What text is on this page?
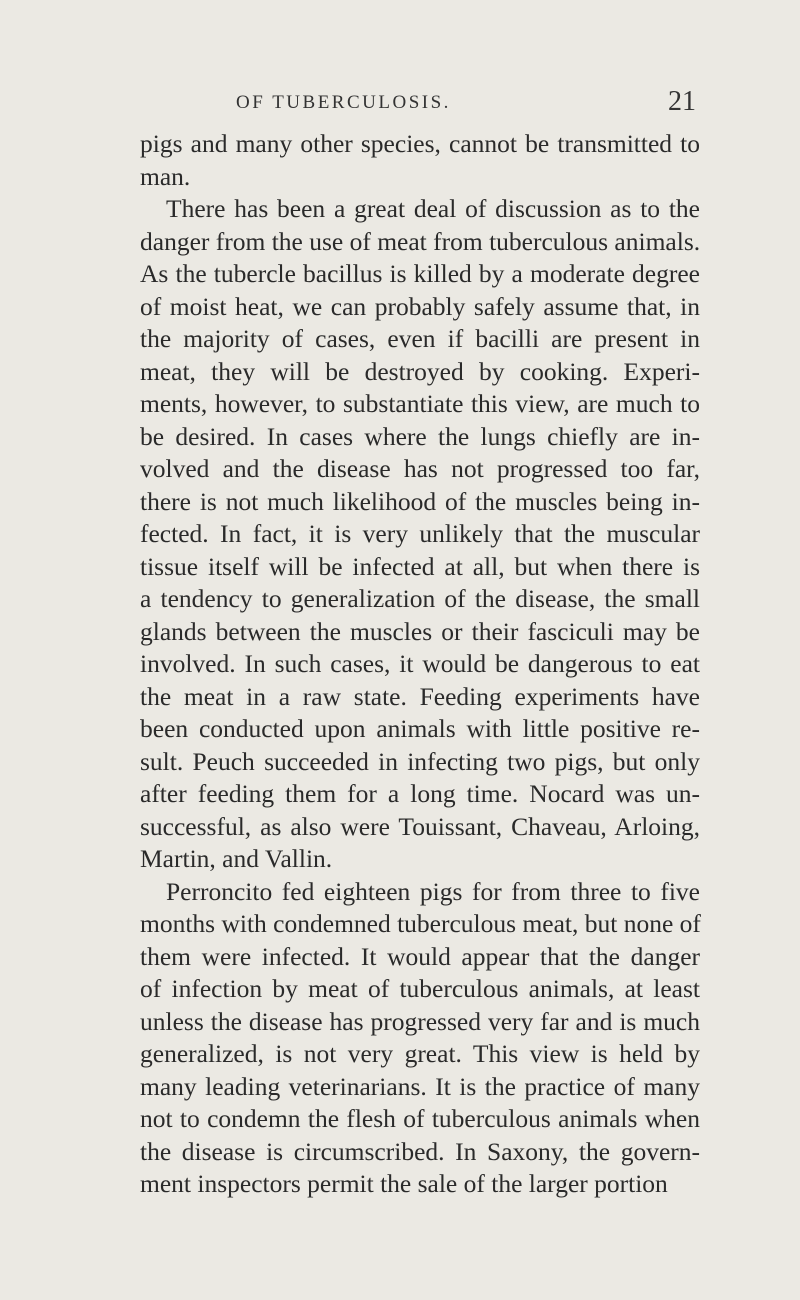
OF TUBERCULOSIS.	21
pigs and many other species, cannot be transmitted to
man.
There has been a great deal of discussion as to the
danger from the use of meat from tuberculous animals.
As the tubercle bacillus is killed by a moderate degree
of moist heat, we can probably safely assume that, in
the majority of cases, even if bacilli are present in
meat, they will be destroyed by cooking. Experi-
ments, however, to substantiate this view, are much to
be desired. In cases where the lungs chiefly are in-
volved and the disease has not progressed too far,
there is not much likelihood of the muscles being in-
fected. In fact, it is very unlikely that the muscular
tissue itself will be infected at all, but when there is
a tendency to generalization of the disease, the small
glands between the muscles or their fasciculi may be
involved. In such cases, it would be dangerous to eat
the meat in a raw state. Feeding experiments have
been conducted upon animals with little positive re-
sult. Peuch succeeded in infecting two pigs, but only
after feeding them for a long time. Nocard was un-
successful, as also were Touissant, Chaveau, Arloing,
Martin, and Vallin.
Perroncito fed eighteen pigs for from three to five
months with condemned tuberculous meat, but none of
them were infected. It would appear that the danger
of infection by meat of tuberculous animals, at least
unless the disease has progressed very far and is much
generalized, is not very great. This view is held by
many leading veterinarians. It is the practice of many
not to condemn the flesh of tuberculous animals when
the disease is circumscribed. In Saxony, the govern-
ment inspectors permit the sale of the larger portion
